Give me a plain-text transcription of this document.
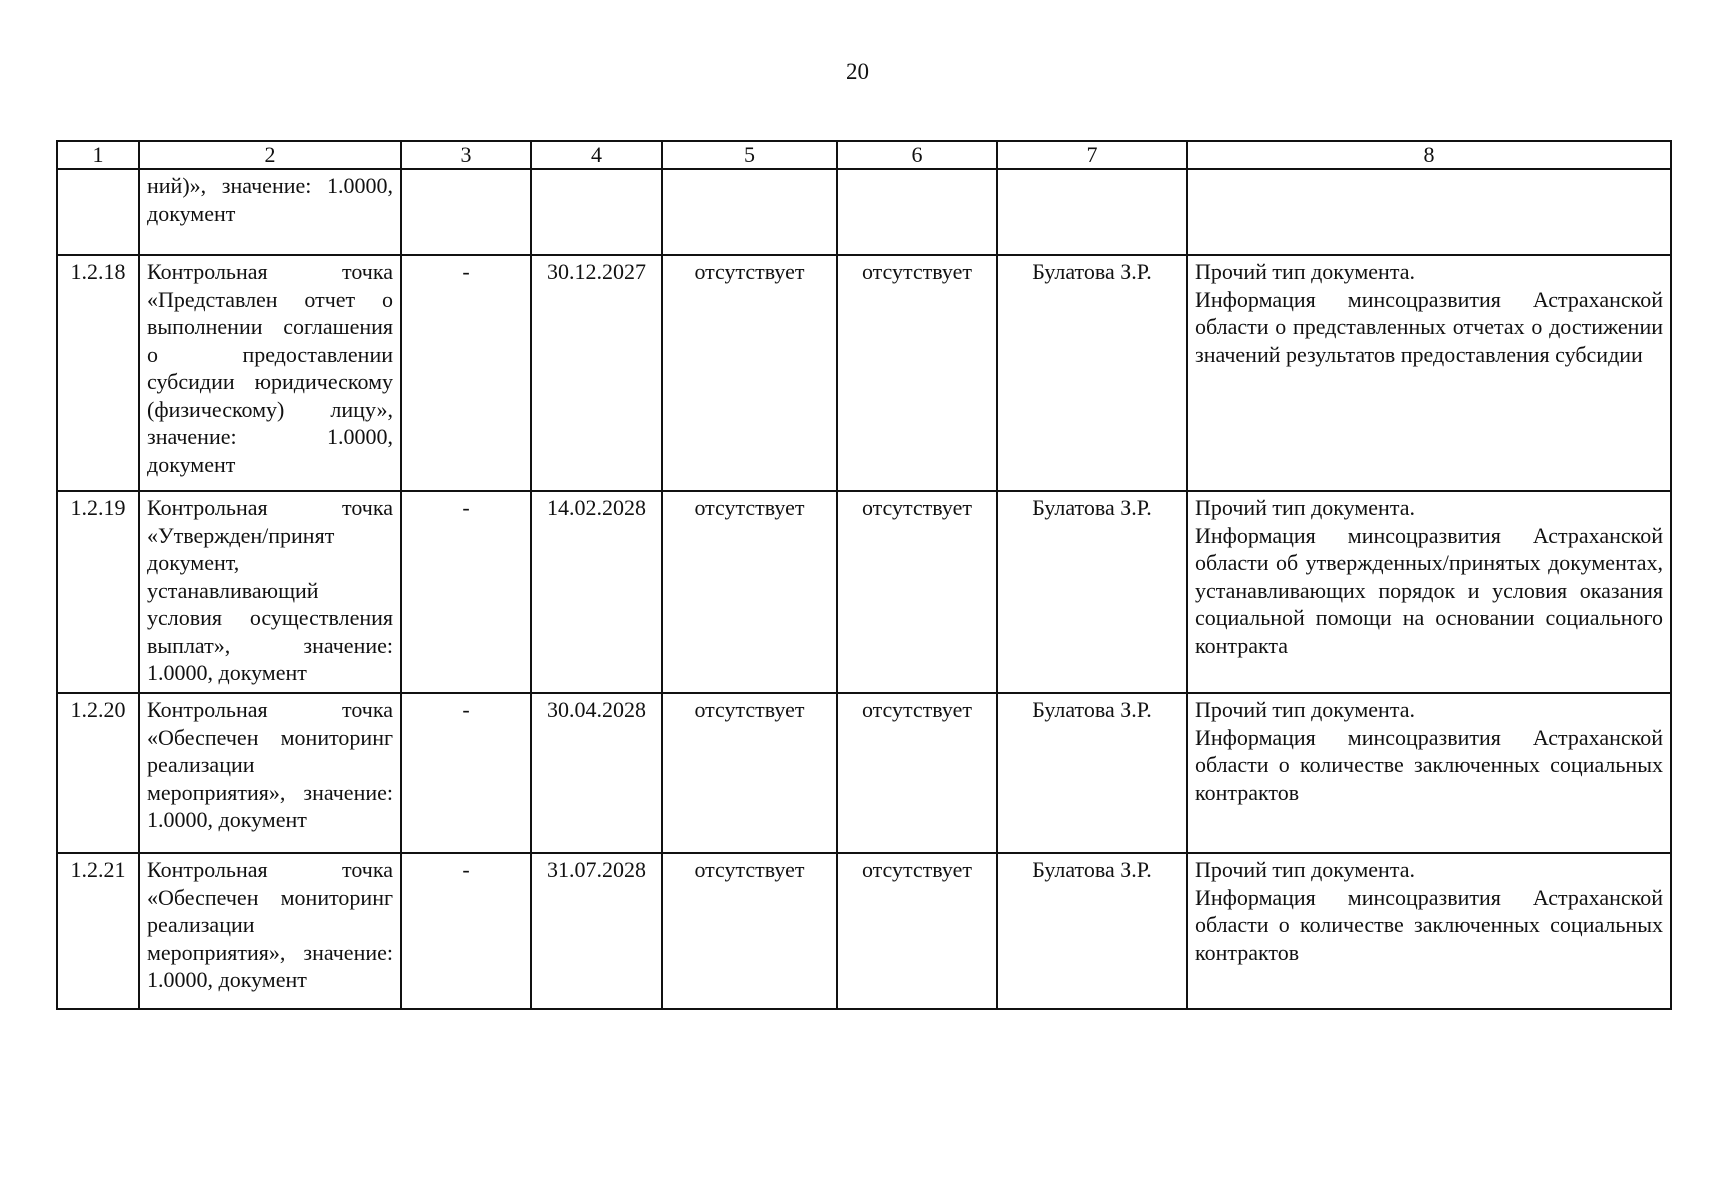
20
1	2	3	4	5	6	7	8
	ний)», значение: 1.0000, документ						
1.2.18	Контрольная точка «Представлен отчет о выполнении соглашения о предоставлении субсидии юридическому (физическому) лицу», значение: 1.0000, документ	-	30.12.2027	отсутствует	отсутствует	Булатова З.Р.	Прочий тип документа.
Информация минсоцразвития Астраханской области о представленных отчетах о достижении значений результатов предоставления субсидии

1.2.19	Контрольная точка «Утвержден/принят документ, устанавливающий условия осуществления выплат», значение: 1.0000, документ	-	14.02.2028	отсутствует	отсутствует	Булатова З.Р.	Прочий тип документа.
Информация минсоцразвития Астраханской области об утвержденных/принятых документах, устанавливающих порядок и условия оказания социальной помощи на основании социального контракта

1.2.20	Контрольная точка «Обеспечен мониторинг реализации мероприятия», значение: 1.0000, документ	-	30.04.2028	отсутствует	отсутствует	Булатова З.Р.	Прочий тип документа.
Информация минсоцразвития Астраханской области о количестве заключенных социальных контрактов

1.2.21	Контрольная точка «Обеспечен мониторинг реализации мероприятия», значение: 1.0000, документ	-	31.07.2028	отсутствует	отсутствует	Булатова З.Р.	Прочий тип документа.
Информация минсоцразвития Астраханской области о количестве заключенных социальных контрактов
